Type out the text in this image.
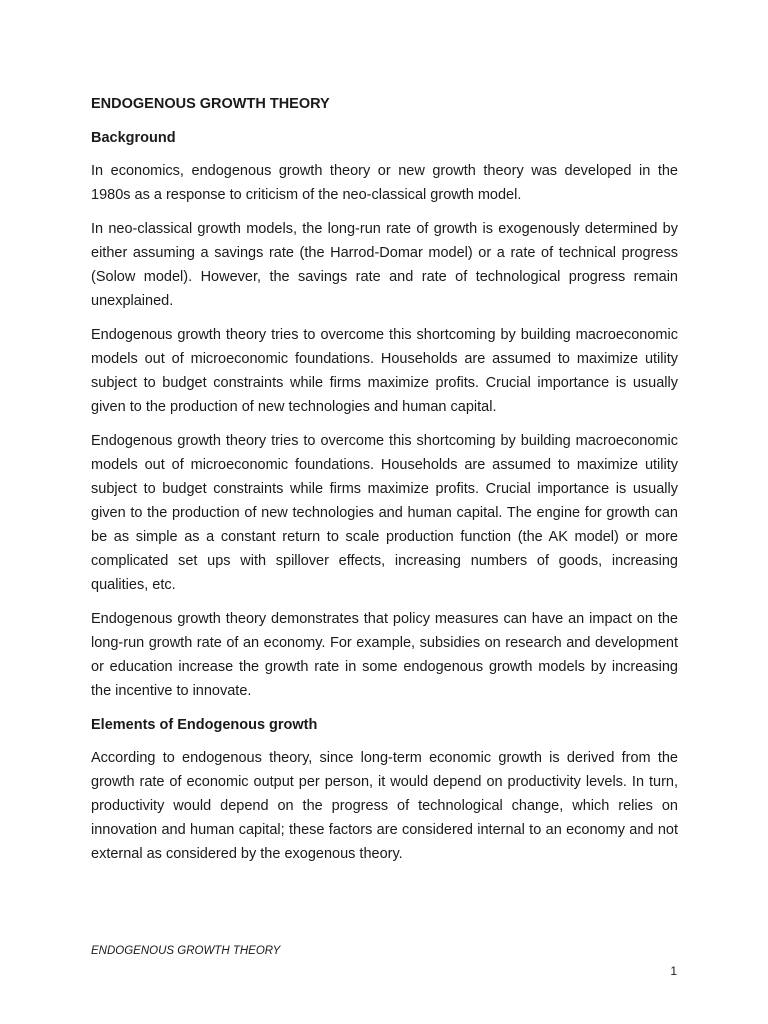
ENDOGENOUS GROWTH THEORY
Background

In economics, endogenous growth theory or new growth theory was developed in the 1980s as a response to criticism of the neo-classical growth model.

In neo-classical growth models, the long-run rate of growth is exogenously determined by either assuming a savings rate (the Harrod-Domar model) or a rate of technical progress (Solow model). However, the savings rate and rate of technological progress remain unexplained.

Endogenous growth theory tries to overcome this shortcoming by building macroeconomic models out of microeconomic foundations. Households are assumed to maximize utility subject to budget constraints while firms maximize profits. Crucial importance is usually given to the production of new technologies and human capital.

Endogenous growth theory tries to overcome this shortcoming by building macroeconomic models out of microeconomic foundations. Households are assumed to maximize utility subject to budget constraints while firms maximize profits. Crucial importance is usually given to the production of new technologies and human capital. The engine for growth can be as simple as a constant return to scale production function (the AK model) or more complicated set ups with spillover effects, increasing numbers of goods, increasing qualities, etc.

Endogenous growth theory demonstrates that policy measures can have an impact on the long-run growth rate of an economy. For example, subsidies on research and development or education increase the growth rate in some endogenous growth models by increasing the incentive to innovate.

Elements of Endogenous growth

According to endogenous theory, since long-term economic growth is derived from the growth rate of economic output per person, it would depend on productivity levels. In turn, productivity would depend on the progress of technological change, which relies on innovation and human capital; these factors are considered internal to an economy and not external as considered by the exogenous theory.

ENDOGENOUS GROWTH THEORY
1
